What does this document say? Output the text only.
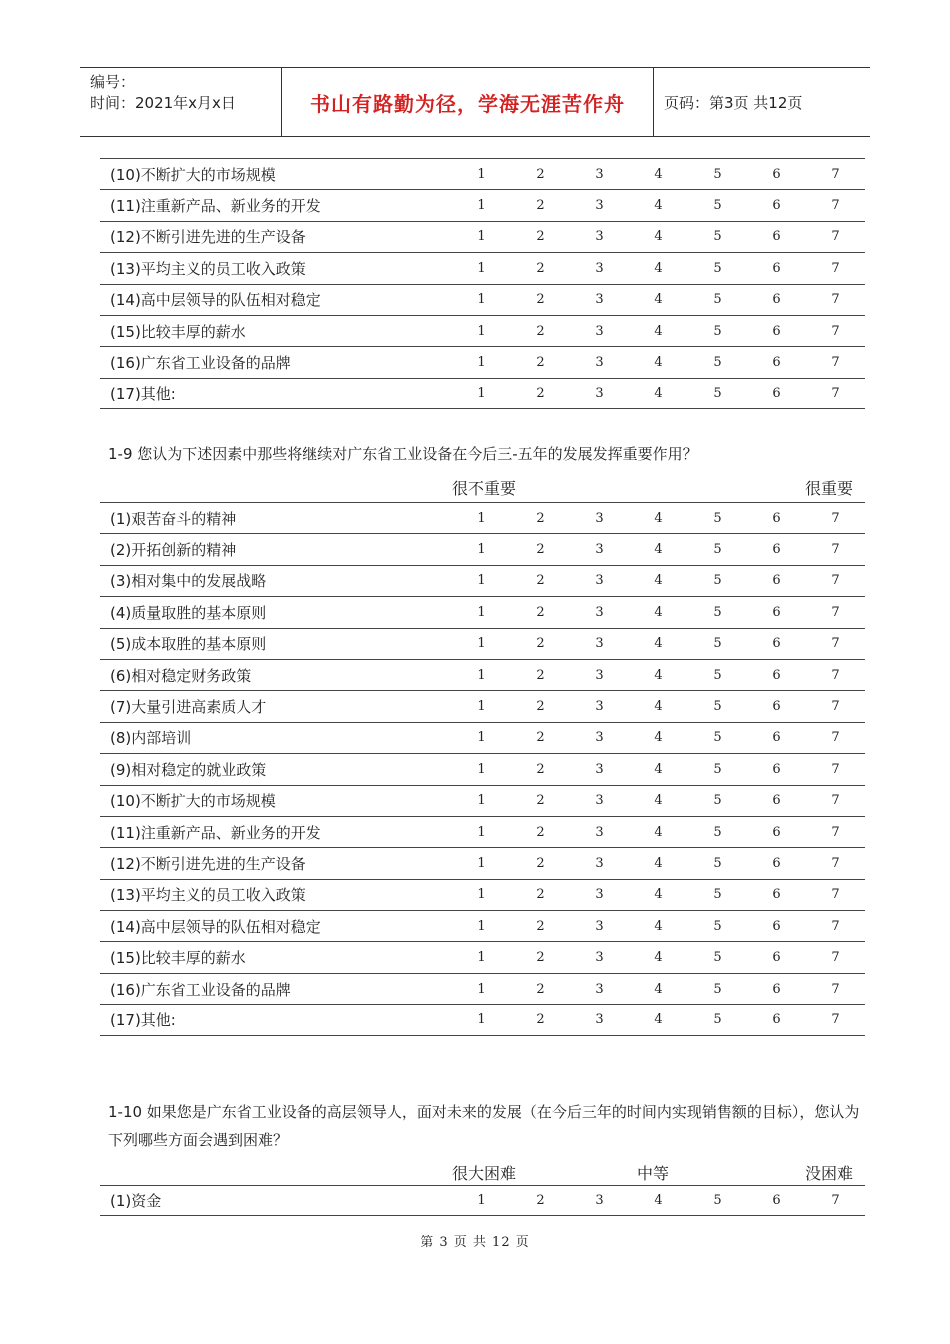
编号：
时间：2021年x月x日	书山有路勤为径，学海无涯苦作舟	页码：第3页 共12页
(10)不断扩大的市场规模	1	2	3	4	5	6	7
(11)注重新产品、新业务的开发	1	2	3	4	5	6	7
(12)不断引进先进的生产设备	1	2	3	4	5	6	7
(13)平均主义的员工收入政策	1	2	3	4	5	6	7
(14)高中层领导的队伍相对稳定	1	2	3	4	5	6	7
(15)比较丰厚的薪水	1	2	3	4	5	6	7
(16)广东省工业设备的品牌	1	2	3	4	5	6	7
(17)其他:	1	2	3	4	5	6	7
1-9 您认为下述因素中那些将继续对广东省工业设备在今后三-五年的发展发挥重要作用？
很不重要	很重要
(1)艰苦奋斗的精神	1	2	3	4	5	6	7
(2)开拓创新的精神	1	2	3	4	5	6	7
(3)相对集中的发展战略	1	2	3	4	5	6	7
(4)质量取胜的基本原则	1	2	3	4	5	6	7
(5)成本取胜的基本原则	1	2	3	4	5	6	7
(6)相对稳定财务政策	1	2	3	4	5	6	7
(7)大量引进高素质人才	1	2	3	4	5	6	7
(8)内部培训	1	2	3	4	5	6	7
(9)相对稳定的就业政策	1	2	3	4	5	6	7
(10)不断扩大的市场规模	1	2	3	4	5	6	7
(11)注重新产品、新业务的开发	1	2	3	4	5	6	7
(12)不断引进先进的生产设备	1	2	3	4	5	6	7
(13)平均主义的员工收入政策	1	2	3	4	5	6	7
(14)高中层领导的队伍相对稳定	1	2	3	4	5	6	7
(15)比较丰厚的薪水	1	2	3	4	5	6	7
(16)广东省工业设备的品牌	1	2	3	4	5	6	7
(17)其他:	1	2	3	4	5	6	7
1-10 如果您是广东省工业设备的高层领导人，面对未来的发展（在今后三年的时间内实现销售额的目标），您认为下列哪些方面会遇到困难？
很大困难	中等	没困难
(1)资金	1	2	3	4	5	6	7
第 3 页 共 12 页
